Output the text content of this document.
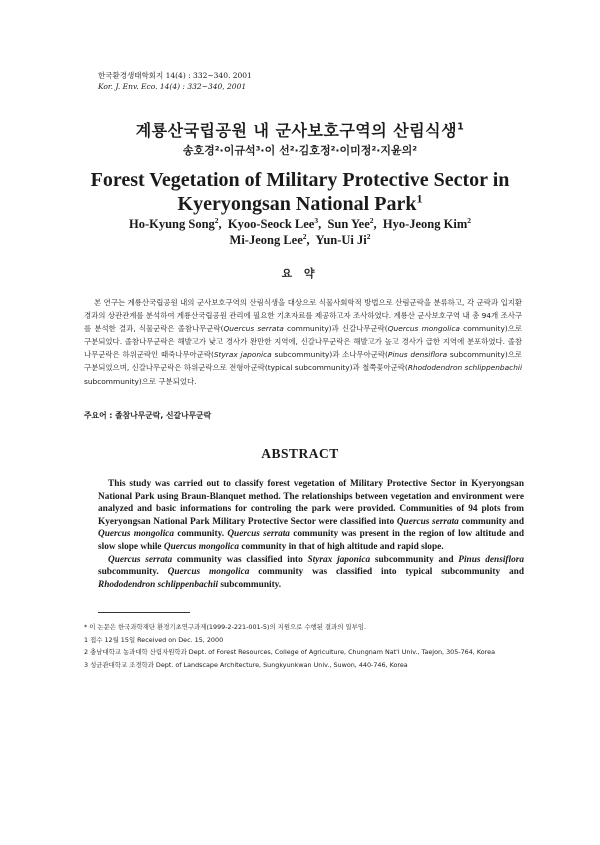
한국환경생태학회지 14(4) : 332~340. 2001
Kor. J. Env. Eco. 14(4) : 332~340, 2001
계룡산국립공원 내 군사보호구역의 산림식생$^1$
송호경²·이규석³·이 선²·김호정²·이미정²·지윤의²
Forest Vegetation of Military Protective Sector in
Kyeryongsan National Park$^1$
Ho-Kyung Song$^2$,  Kyoo-Seock Lee$^3$,  Sun Yee$^2$,  Hyo-Jeong Kim$^2$
Mi-Jeong Lee$^2$,  Yun-Ui Ji$^2$
요 약

본 연구는 계룡산국립공원 내의 군사보호구역의 산림식생을 대상으로 식물사회학적 방법으로 산림군락을 분류하고, 각 군락과 입지환경과의 상관관계를 분석하여 계룡산국립공원 관리에 필요한 기초자료를 제공하고자 조사하였다. 계룡산 군사보호구역 내 총 94개 조사구를 분석한 결과, 식물군락은 졸참나무군락(Quercus serrata community)과 신갈나무군락(Quercus mongolica community)으로 구분되었다. 졸참나무군락은 해발고가 낮고 경사가 완만한 지역에, 신갈나무군락은 해발고가 높고 경사가 급한 지역에 분포하였다. 졸참나무군락은 하위군락인 때죽나무아군락(Styrax japonica subcommunity)과 소나무아군락(Pinus densiflora subcommunity)으로 구분되었으며, 신갈나무군락은 하위군락으로 전형아군락(typical subcommunity)과 철쭉꽃아군락(Rhododendron schlippenbachii subcommunity)으로 구분되었다.

주요어 : 졸참나무군락, 신갈나무군락
ABSTRACT

This study was carried out to classify forest vegetation of Military Protective Sector in Kyeryongsan National Park using Braun-Blanquet method. The relationships between vegetation and environment were analyzed and basic informations for controling the park were provided. Communities of 94 plots from Kyeryongsan National Park Military Protective Sector were classified into Quercus serrata community and Quercus mongolica community. Quercus serrata community was present in the region of low altitude and slow slope while Quercus mongolica community in that of high altitude and rapid slope.

Quercus serrata community was classified into Styrax japonica subcommunity and Pinus densiflora subcommunity. Quercus mongolica community was classified into typical subcommunity and Rhododendron schlippenbachii subcommunity.

* 이 논문은 한국과학재단 환경기초연구과제(1999-2-221-001-5)의 지원으로 수행된 결과의 일부임.
1 접수 12월 15일 Received on Dec. 15, 2000
2 충남대학교 농과대학 산림자원학과 Dept. of Forest Resources, College of Agriculture, Chungnam Nat'l Univ., Taejon, 305-764, Korea
3 성균관대학교 조경학과 Dept. of Landscape Architecture, Sungkyunkwan Univ., Suwon, 440-746, Korea
